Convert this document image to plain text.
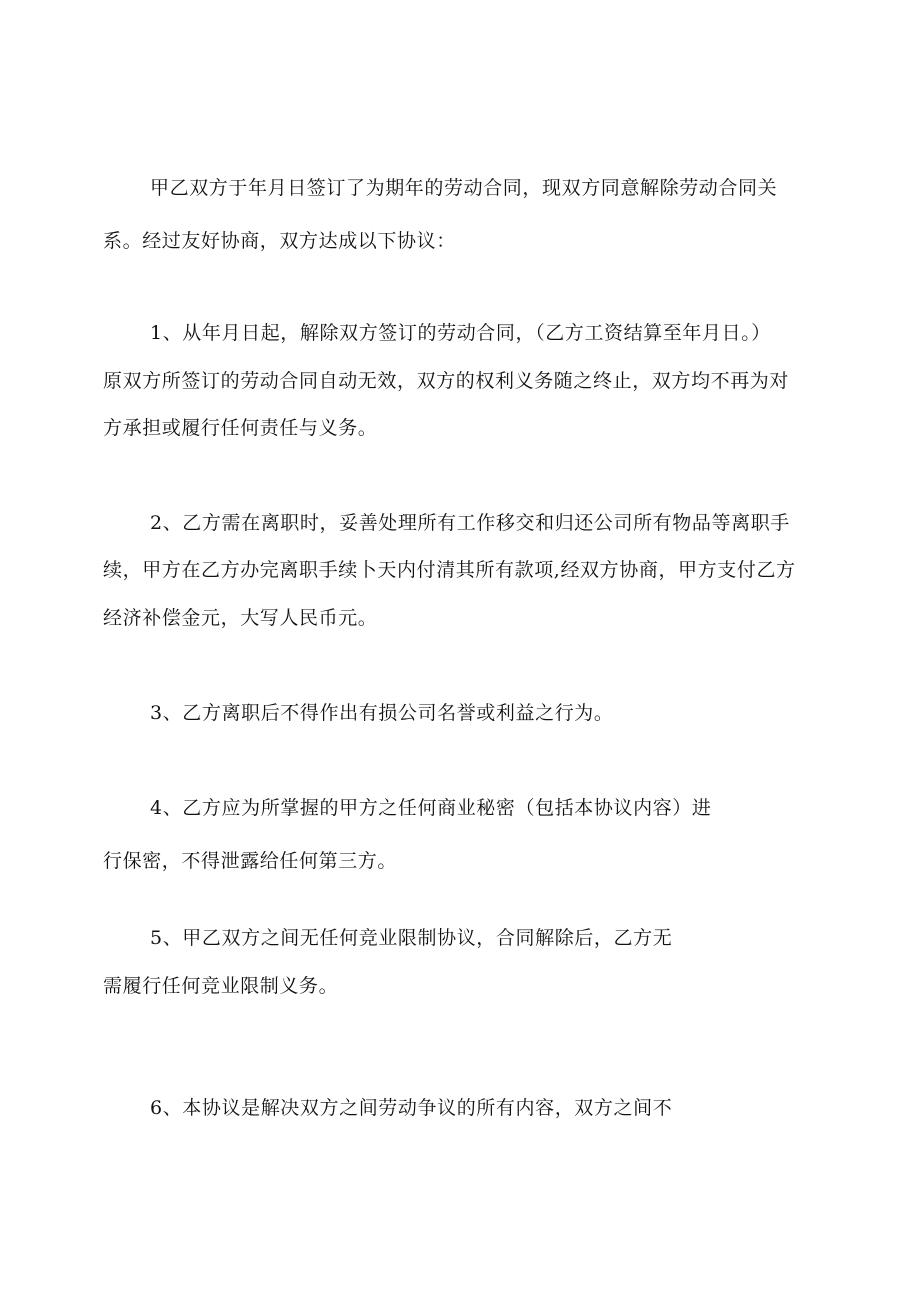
甲乙双方于年月日签订了为期年的劳动合同，现双方同意解除劳动合同关
系。经过友好协商，双方达成以下协议：
1、从年月日起，解除双方签订的劳动合同，（乙方工资结算至年月日。）
原双方所签订的劳动合同自动无效，双方的权利义务随之终止，双方均不再为对
方承担或履行任何责任与义务。
2、乙方需在离职时，妥善处理所有工作移交和归还公司所有物品等离职手
续，甲方在乙方办完离职手续卜天内付清其所有款项,经双方协商，甲方支付乙方
经济补偿金元，大写人民币元。
3、乙方离职后不得作出有损公司名誉或利益之行为。
4、乙方应为所掌握的甲方之任何商业秘密（包括本协议内容）进
行保密，不得泄露给任何第三方。
5、甲乙双方之间无任何竞业限制协议，合同解除后，乙方无
需履行任何竞业限制义务。
6、本协议是解决双方之间劳动争议的所有内容，双方之间不
